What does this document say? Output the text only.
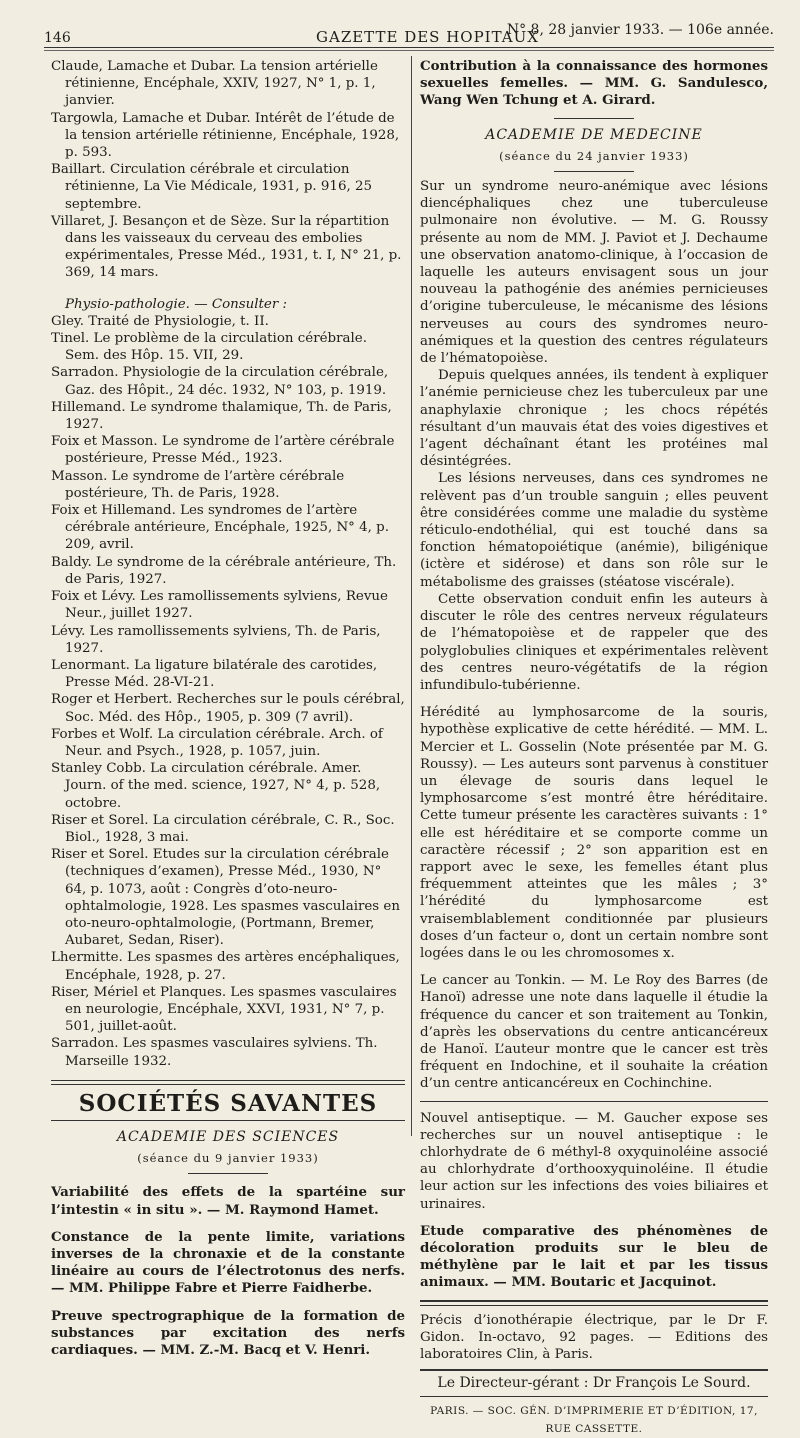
146	GAZETTE DES HOPITAUX
N° 8, 28 janvier 1933. — 106e année.
Claude, Lamache et Dubar. La tension artérielle rétinienne, Encéphale, XXIV, 1927, N° 1, p. 1, janvier.
Targowla, Lamache et Dubar. Intérêt de l’étude de la tension artérielle rétinienne, Encéphale, 1928, p. 593.
Baillart. Circulation cérébrale et circulation rétinienne, La Vie Médicale, 1931, p. 916, 25 septembre.
Villaret, J. Besançon et de Sèze. Sur la répartition dans les vaisseaux du cerveau des embolies expérimentales, Presse Méd., 1931, t. I, N° 21, p. 369, 14 mars.
Physio-pathologie. — Consulter :
Gley. Traité de Physiologie, t. II.
Tinel. Le problème de la circulation cérébrale. Sem. des Hôp. 15. VII, 29.
Sarradon. Physiologie de la circulation cérébrale, Gaz. des Hôpit., 24 déc. 1932, N° 103, p. 1919.
Hillemand. Le syndrome thalamique, Th. de Paris, 1927.
Foix et Masson. Le syndrome de l’artère cérébrale postérieure, Presse Méd., 1923.
Masson. Le syndrome de l’artère cérébrale postérieure, Th. de Paris, 1928.
Foix et Hillemand. Les syndromes de l’artère cérébrale antérieure, Encéphale, 1925, N° 4, p. 209, avril.
Baldy. Le syndrome de la cérébrale antérieure, Th. de Paris, 1927.
Foix et Lévy. Les ramollissements sylviens, Revue Neur., juillet 1927.
Lévy. Les ramollissements sylviens, Th. de Paris, 1927.
Lenormant. La ligature bilatérale des carotides, Presse Méd. 28-VI-21.
Roger et Herbert. Recherches sur le pouls cérébral, Soc. Méd. des Hôp., 1905, p. 309 (7 avril).
Forbes et Wolf. La circulation cérébrale. Arch. of Neur. and Psych., 1928, p. 1057, juin.
Stanley Cobb. La circulation cérébrale. Amer. Journ. of the med. science, 1927, N° 4, p. 528, octobre.
Riser et Sorel. La circulation cérébrale, C. R., Soc. Biol., 1928, 3 mai.
Riser et Sorel. Etudes sur la circulation cérébrale (techniques d’examen), Presse Méd., 1930, N° 64, p. 1073, août : Congrès d’oto-neuro-ophtalmologie, 1928. Les spasmes vasculaires en oto-neuro-ophtalmologie, (Portmann, Bremer, Aubaret, Sedan, Riser).
Lhermitte. Les spasmes des artères encéphaliques, Encéphale, 1928, p. 27.
Riser, Mériel et Planques. Les spasmes vasculaires en neurologie, Encéphale, XXVI, 1931, N° 7, p. 501, juillet-août.
Sarradon. Les spasmes vasculaires sylviens. Th. Marseille 1932.
SOCIÉTÉS SAVANTES
ACADEMIE DES SCIENCES
(séance du 9 janvier 1933)

Variabilité des effets de la spartéine sur l’intestin « in situ ». — M. Raymond Hamet.

Constance de la pente limite, variations inverses de la chronaxie et de la constante linéaire au cours de l’électrotonus des nerfs. — MM. Philippe Fabre et Pierre Faidherbe.

Preuve spectrographique de la formation de substances par excitation des nerfs cardiaques. — MM. Z.-M. Bacq et V. Henri.

Contribution à la connaissance des hormones sexuelles femelles. — MM. G. Sandulesco, Wang Wen Tchung et A. Girard.

ACADEMIE DE MEDECINE
(séance du 24 janvier 1933)

Sur un syndrome neuro-anémique avec lésions diencéphaliques chez une tuberculeuse pulmonaire non évolutive. — M. G. Roussy présente au nom de MM. J. Paviot et J. Dechaume une observation anatomo-clinique, à l’occasion de laquelle les auteurs envisagent sous un jour nouveau la pathogénie des anémies pernicieuses d’origine tuberculeuse, le mécanisme des lésions nerveuses au cours des syndromes neuro-anémiques et la question des centres régulateurs de l’hématopoièse.

Depuis quelques années, ils tendent à expliquer l’anémie pernicieuse chez les tuberculeux par une anaphylaxie chronique ; les chocs répétés résultant d’un mauvais état des voies digestives et l’agent déchaînant étant les protéines mal désintégrées.

Les lésions nerveuses, dans ces syndromes ne relèvent pas d’un trouble sanguin ; elles peuvent être considérées comme une maladie du système réticulo-endothélial, qui est touché dans sa fonction hématopoiétique (anémie), biligénique (ictère et sidérose) et dans son rôle sur le métabolisme des graisses (stéatose viscérale).

Cette observation conduit enfin les auteurs à discuter le rôle des centres nerveux régulateurs de l’hématopoièse et de rappeler que des polyglobulies cliniques et expérimentales relèvent des centres neuro-végétatifs de la région infundibulo-tubérienne.

Hérédité au lymphosarcome de la souris, hypothèse explicative de cette hérédité. — MM. L. Mercier et L. Gosselin (Note présentée par M. G. Roussy). — Les auteurs sont parvenus à constituer un élevage de souris dans lequel le lymphosarcome s’est montré être héréditaire. Cette tumeur présente les caractères suivants : 1° elle est héréditaire et se comporte comme un caractère récessif ; 2° son apparition est en rapport avec le sexe, les femelles étant plus fréquemment atteintes que les mâles ; 3° l’hérédité du lymphosarcome est vraisemblablement conditionnée par plusieurs doses d’un facteur o, dont un certain nombre sont logées dans le ou les chromosomes x.

Le cancer au Tonkin. — M. Le Roy des Barres (de Hanoï) adresse une note dans laquelle il étudie la fréquence du cancer et son traitement au Tonkin, d’après les observations du centre anticancéreux de Hanoï. L’auteur montre que le cancer est très fréquent en Indochine, et il souhaite la création d’un centre anticancéreux en Cochinchine.

Nouvel antiseptique. — M. Gaucher expose ses recherches sur un nouvel antiseptique : le chlorhydrate de 6 méthyl-8 oxyquinoléine associé au chlorhydrate d’orthooxyquinoléine. Il étudie leur action sur les infections des voies biliaires et urinaires.

Etude comparative des phénomènes de décoloration produits sur le bleu de méthylène par le lait et par les tissus animaux. — MM. Boutaric et Jacquinot.

Précis d’ionothérapie électrique, par le Dr F. Gidon. In-octavo, 92 pages. — Editions des laboratoires Clin, à Paris.

Le Directeur-gérant : Dr François Le Sourd.
PARIS. — SOC. GÉN. D’IMPRIMERIE ET D’ÉDITION, 17, RUE CASSETTE.
